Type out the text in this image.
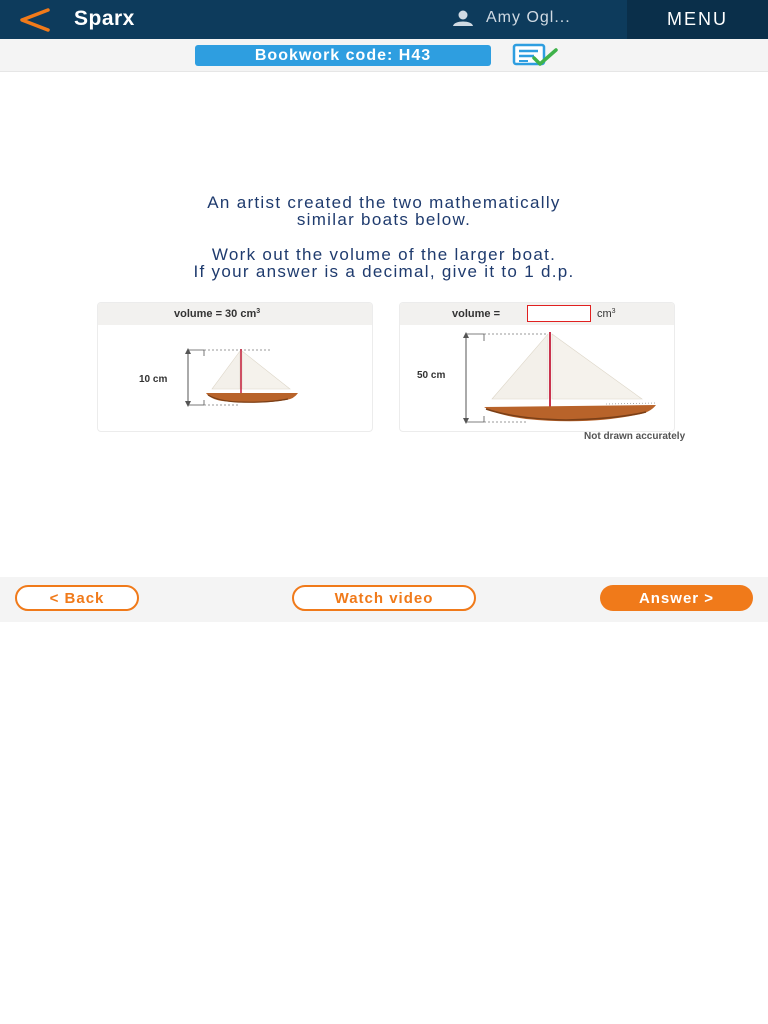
Sparx	Amy Ogl...	MENU
Bookwork code: H43
An artist created the two mathematically
similar boats below.
Work out the volume of the larger boat.
If your answer is a decimal, give it to 1 d.p.
volume = 30 $cm^3$
10 cm
volume =	$cm^3$
50 cm
Not drawn accurately
< Back	Watch video	Answer >
